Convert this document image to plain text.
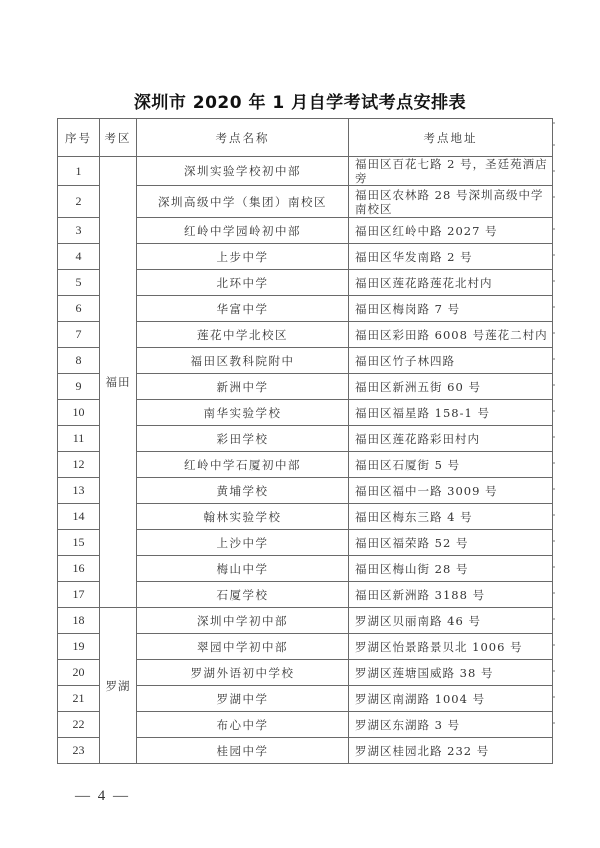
深圳市 2020 年 1 月自学考试考点安排表
序号	考区	考点名称	考点地址
1	福田	深圳实验学校初中部	福田区百花七路 2 号，圣廷苑酒店旁
2		深圳高级中学（集团）南校区	福田区农林路 28 号深圳高级中学南校区
3		红岭中学园岭初中部	福田区红岭中路 2027 号
4		上步中学	福田区华发南路 2 号
5		北环中学	福田区莲花路莲花北村内
6		华富中学	福田区梅岗路 7 号
7		莲花中学北校区	福田区彩田路 6008 号莲花二村内
8		福田区教科院附中	福田区竹子林四路
9		新洲中学	福田区新洲五街 60 号
10		南华实验学校	福田区福星路 158-1 号
11		彩田学校	福田区莲花路彩田村内
12		红岭中学石厦初中部	福田区石厦街 5 号
13		黄埔学校	福田区福中一路 3009 号
14		翰林实验学校	福田区梅东三路 4 号
15		上沙中学	福田区福荣路 52 号
16		梅山中学	福田区梅山街 28 号
17		石厦学校	福田区新洲路 3188 号
18	罗湖	深圳中学初中部	罗湖区贝丽南路 46 号
19		翠园中学初中部	罗湖区怡景路景贝北 1006 号
20		罗湖外语初中学校	罗湖区莲塘国威路 38 号
21		罗湖中学	罗湖区南湖路 1004 号
22		布心中学	罗湖区东湖路 3 号
23		桂园中学	罗湖区桂园北路 232 号
— 4 —
